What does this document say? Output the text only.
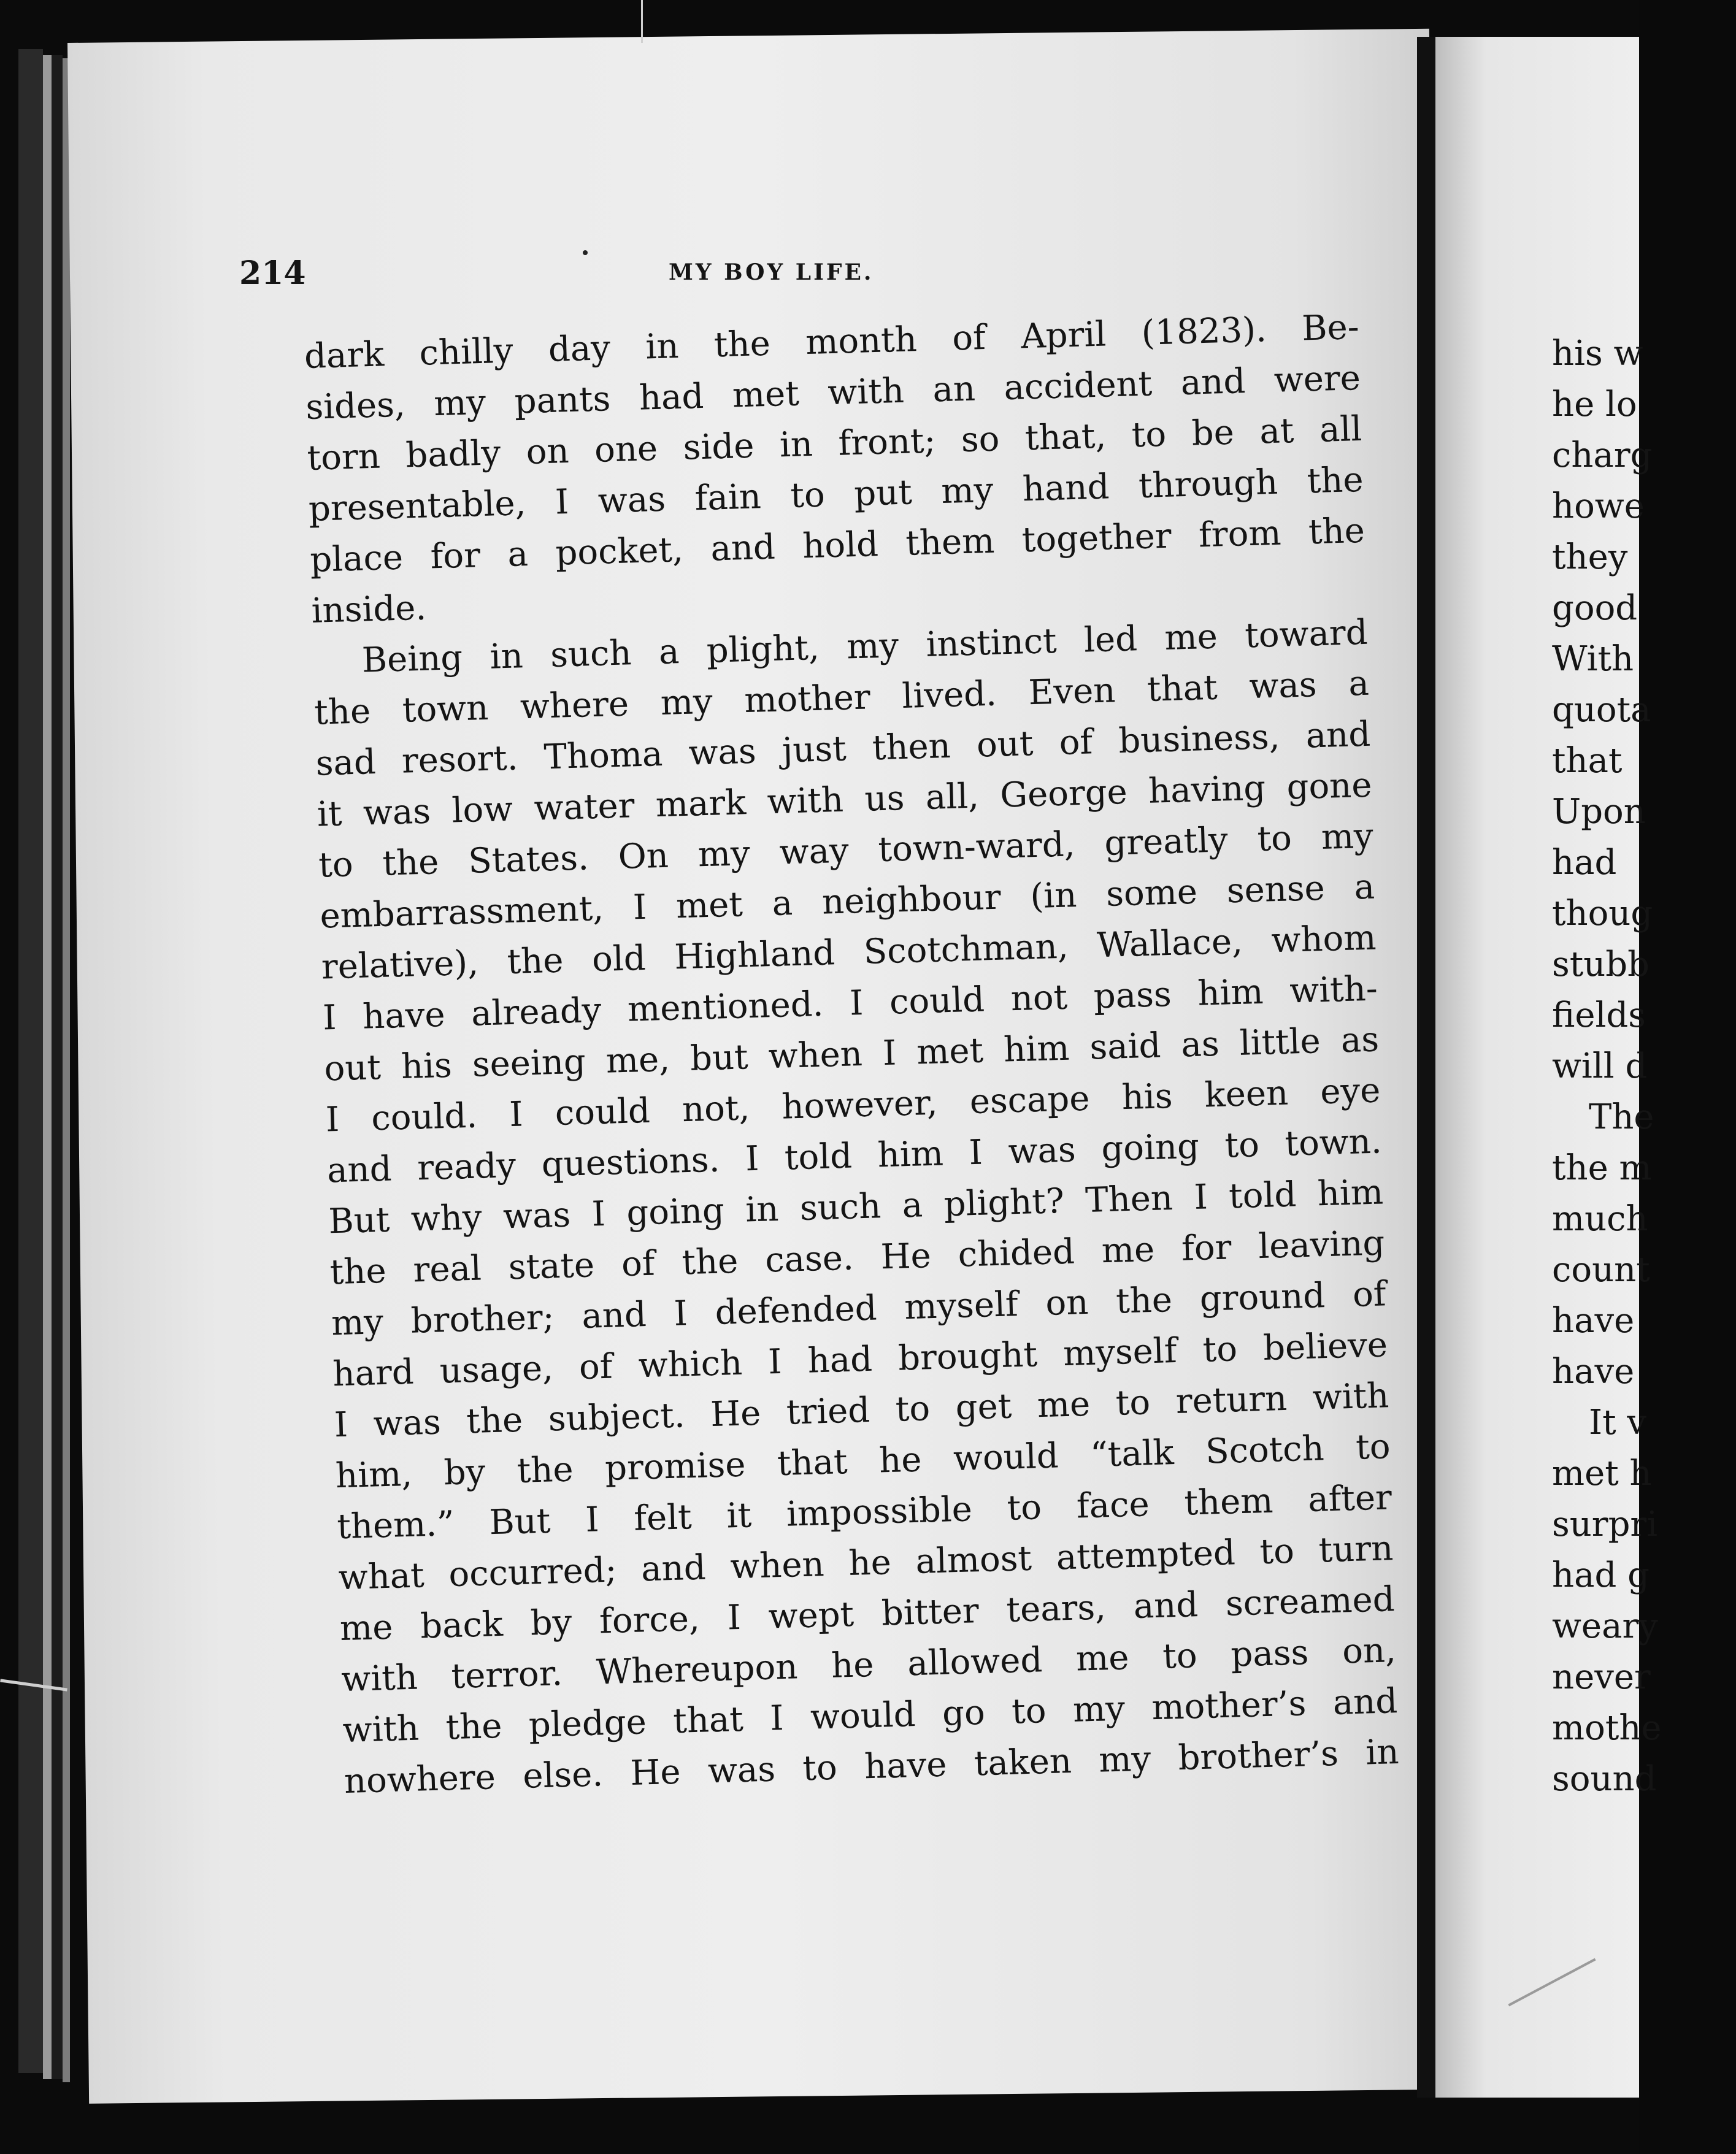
214	MY BOY LIFE.
dark chilly day in the month of April (1823). Be-
sides, my pants had met with an accident and were
torn badly on one side in front; so that, to be at all
presentable, I was fain to put my hand through the
place for a pocket, and hold them together from the
inside.
Being in such a plight, my instinct led me toward
the town where my mother lived. Even that was a
sad resort. Thoma was just then out of business, and
it was low water mark with us all, George having gone
to the States. On my way town-ward, greatly to my
embarrassment, I met a neighbour (in some sense a
relative), the old Highland Scotchman, Wallace, whom
I have already mentioned. I could not pass him with-
out his seeing me, but when I met him said as little as
I could. I could not, however, escape his keen eye
and ready questions. I told him I was going to town.
But why was I going in such a plight? Then I told him
the real state of the case. He chided me for leaving
my brother; and I defended myself on the ground of
hard usage, of which I had brought myself to believe
I was the subject. He tried to get me to return with
him, by the promise that he would “talk Scotch to
them.” But I felt it impossible to face them after
what occurred; and when he almost attempted to turn
me back by force, I wept bitter tears, and screamed
with terror. Whereupon he allowed me to pass on,
with the pledge that I would go to my mother’s and
nowhere else. He was to have taken my brother’s in
his w
he lo
charg
howe
they
good
With
quota
that
Upon
had
thoug
stubb
fields
will d
The
the m
much
count
have
have
It v
met h
surpri
had g
weary
never
mothe
sound
